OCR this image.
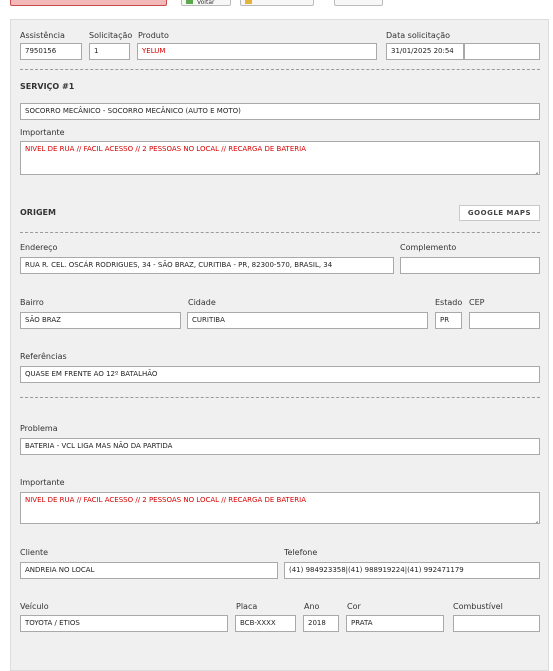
Voltar
Assistência
7950156
Solicitação
1
Produto
YELUM
Data solicitação
31/01/2025 20:54
SERVIÇO #1
SOCORRO MECÂNICO - SOCORRO MECÂNICO (AUTO E MOTO)
Importante
NIVEL DE RUA // FACIL ACESSO // 2 PESSOAS NO LOCAL // RECARGA DE BATERIA
ORIGEM	GOOGLE MAPS
Endereço
RUA R. CEL. OSCÁR RODRIGUES, 34 - SÃO BRAZ, CURITIBA - PR, 82300-570, BRASIL, 34
Complemento
Bairro
SÃO BRAZ
Cidade
CURITIBA
Estado
PR
CEP
Referências
QUASE EM FRENTE AO 12º BATALHÃO
Problema
BATERIA - VCL LIGA MAS NÃO DA PARTIDA
Importante
NIVEL DE RUA // FACIL ACESSO // 2 PESSOAS NO LOCAL // RECARGA DE BATERIA
Cliente
ANDREIA NO LOCAL
Telefone
(41) 984923358|(41) 988919224|(41) 992471179
Veículo
TOYOTA / ETIOS
Placa
BCB-XXXX
Ano
2018
Cor
PRATA
Combustível
